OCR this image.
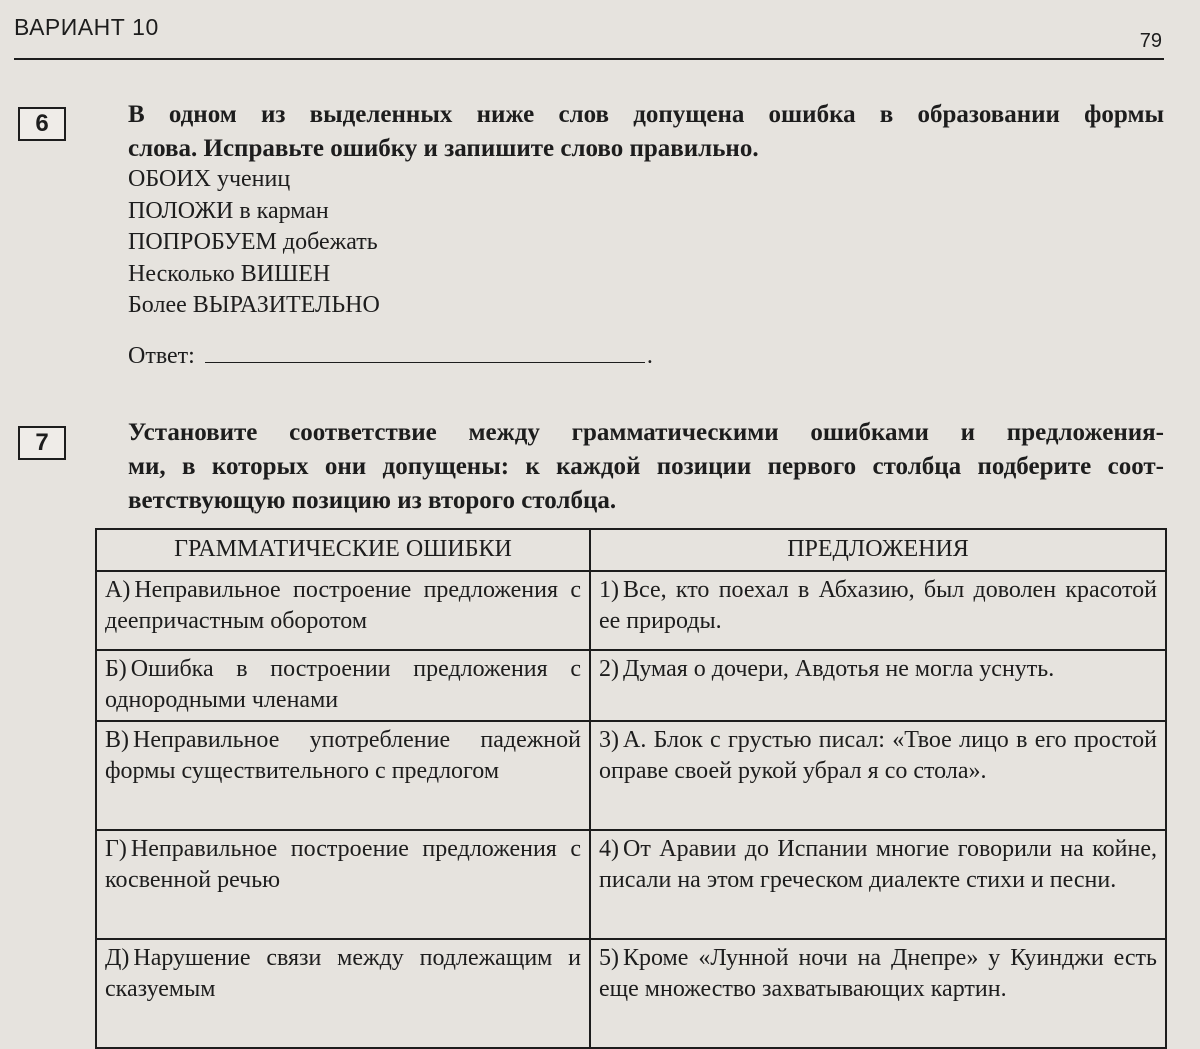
ВАРИАНТ 10
79
6	В одном из выделенных ниже слов допущена ошибка в образовании формы
слова. Исправьте ошибку и запишите слово правильно.
ОБОИХ учениц
ПОЛОЖИ в карман
ПОПРОБУЕМ добежать
Несколько ВИШЕН
Более ВЫРАЗИТЕЛЬНО
Ответ:	.
7	Установите соответствие между грамматическими ошибками и предложения-
ми, в которых они допущены: к каждой позиции первого столбца подберите соот-
ветствующую позицию из второго столбца.
ГРАММАТИЧЕСКИЕ ОШИБКИ	ПРЕДЛОЖЕНИЯ
А) Неправильное построение предложения с деепричастным оборотом	1) Все, кто поехал в Абхазию, был доволен красотой ее природы.
Б) Ошибка в построении предложения с однородными членами	2) Думая о дочери, Авдотья не могла уснуть.
В) Неправильное употребление падежной формы существительного с предлогом	3) А. Блок с грустью писал: «Твое лицо в его простой оправе своей рукой убрал я со стола».
Г) Неправильное построение предложения с косвенной речью	4) От Аравии до Испании многие говорили на койне, писали на этом греческом диалекте стихи и песни.
Д) Нарушение связи между подлежащим и сказуемым	5) Кроме «Лунной ночи на Днепре» у Куинджи есть еще множество захватывающих картин.
